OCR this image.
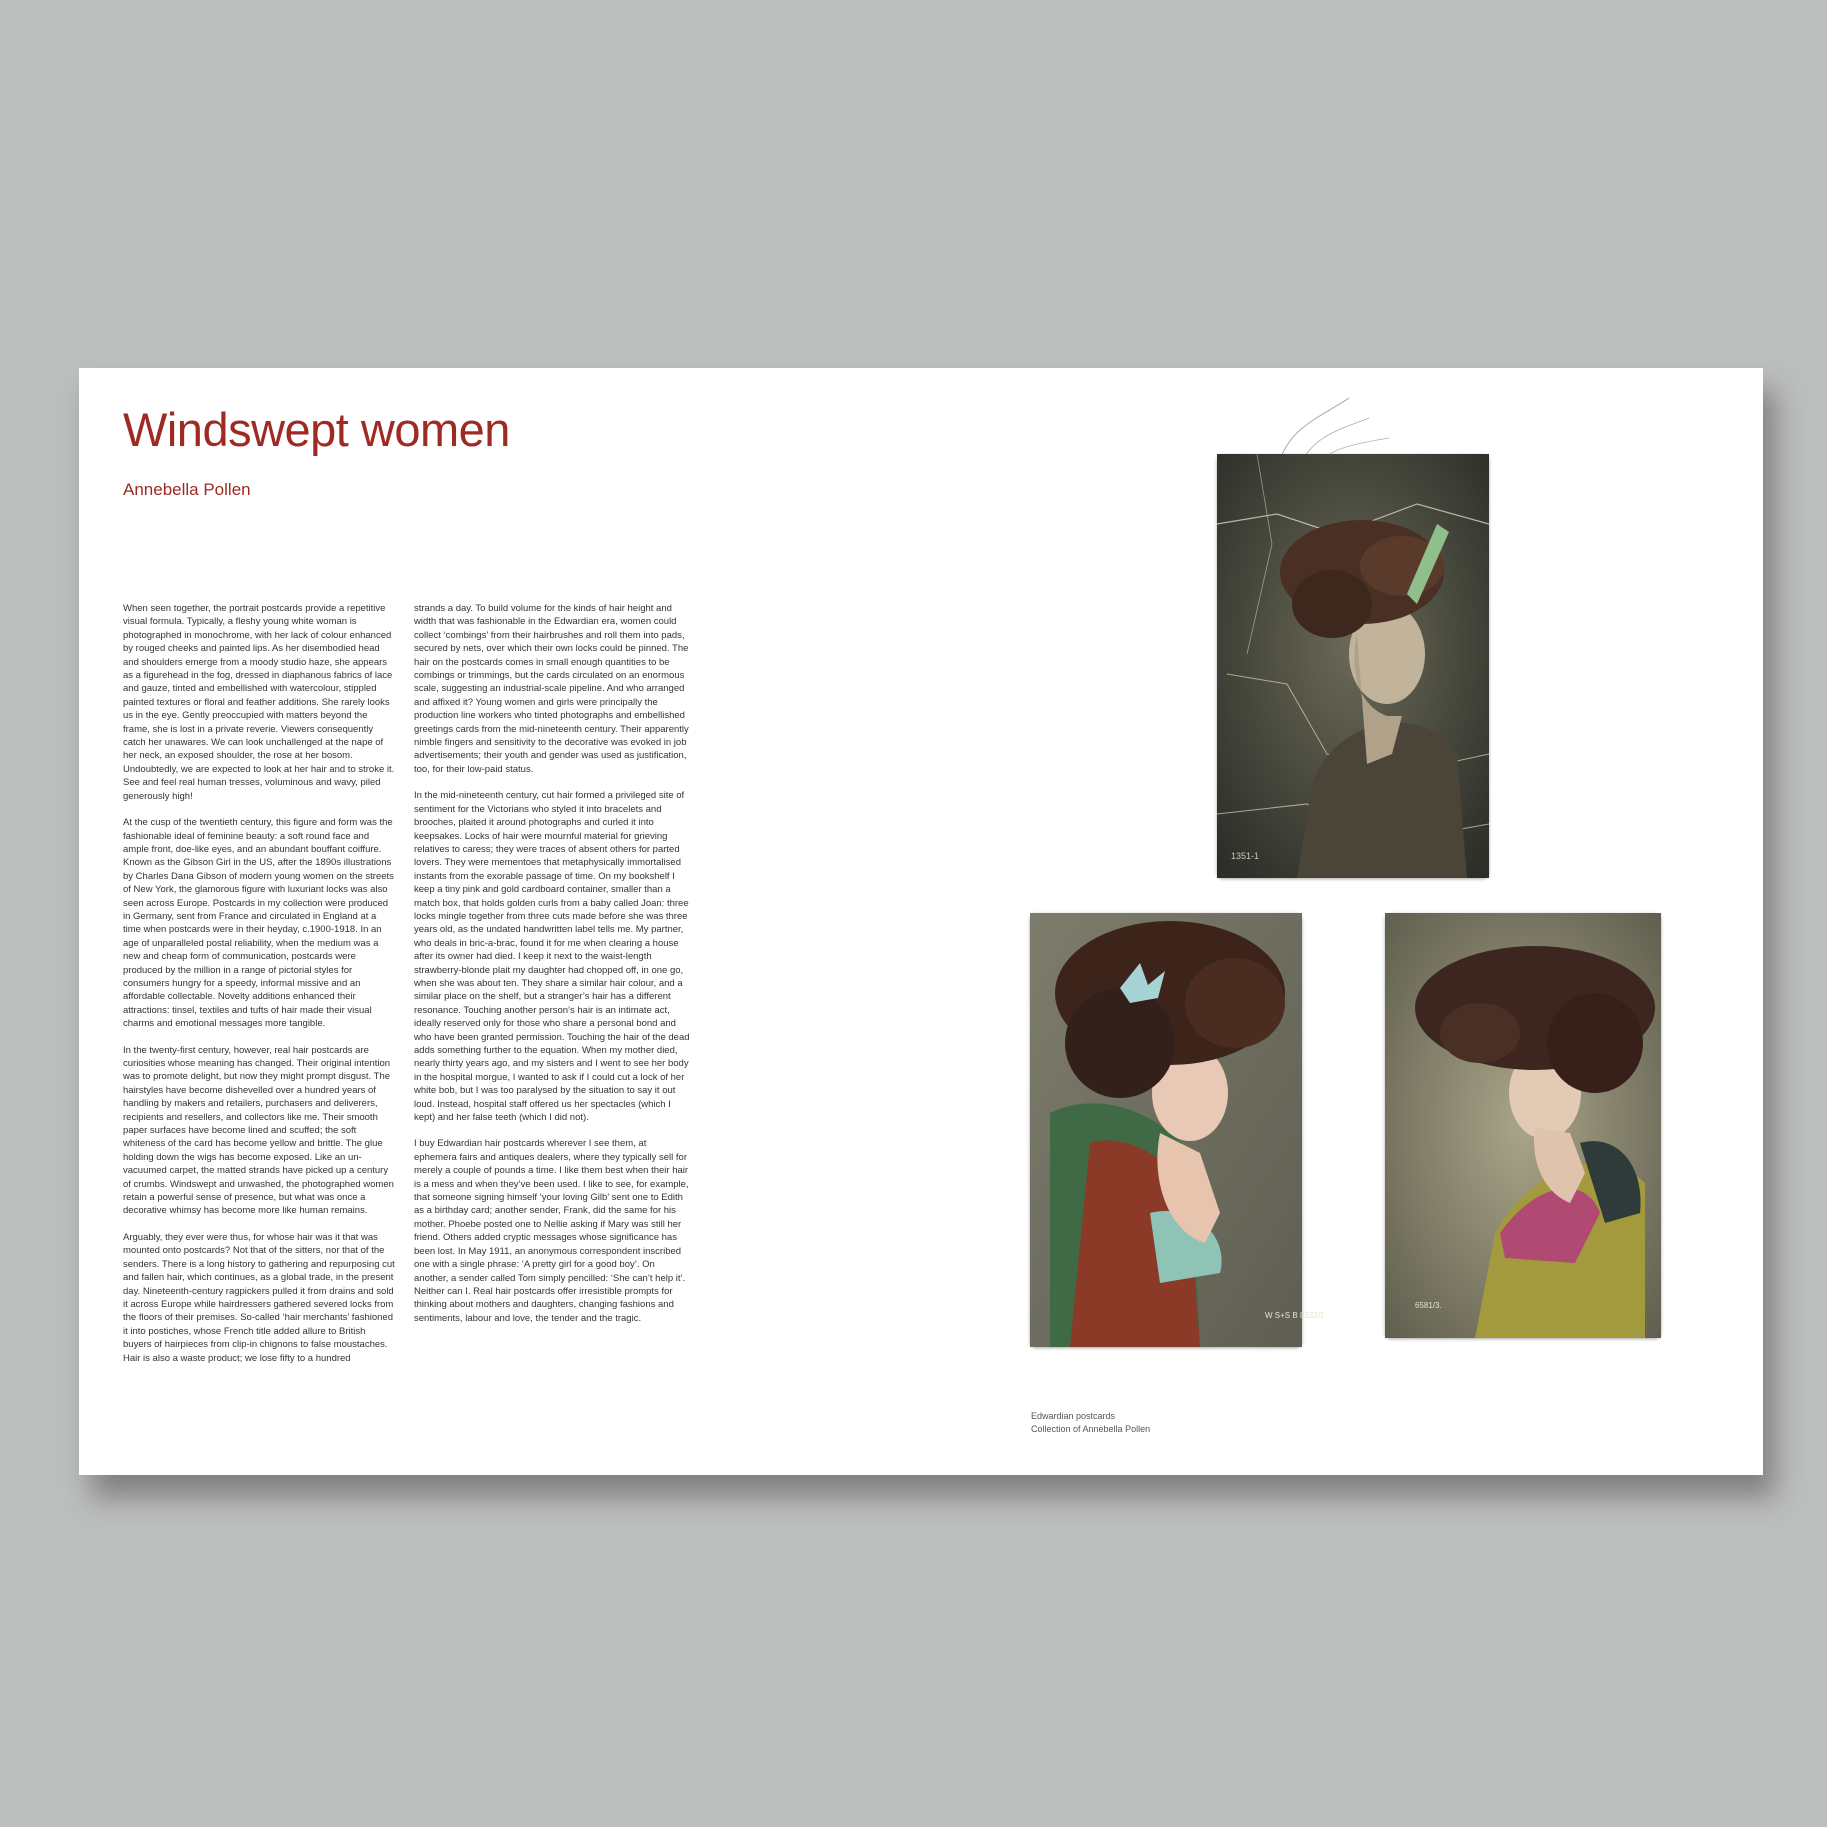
Windswept women
Annebella Pollen

When seen together, the portrait postcards provide a repetitive visual formula. Typically, a fleshy young white woman is photographed in monochrome, with her lack of colour enhanced by rouged cheeks and painted lips. As her disembodied head and shoulders emerge from a moody studio haze, she appears as a figurehead in the fog, dressed in diaphanous fabrics of lace and gauze, tinted and embellished with watercolour, stippled painted textures or floral and feather additions. She rarely looks us in the eye. Gently preoccupied with matters beyond the frame, she is lost in a private reverie. Viewers consequently catch her unawares. We can look unchallenged at the nape of her neck, an exposed shoulder, the rose at her bosom. Undoubtedly, we are expected to look at her hair and to stroke it. See and feel real human tresses, voluminous and wavy, piled generously high!

At the cusp of the twentieth century, this figure and form was the fashionable ideal of feminine beauty: a soft round face and ample front, doe-like eyes, and an abundant bouffant coiffure. Known as the Gibson Girl in the US, after the 1890s illustrations by Charles Dana Gibson of modern young women on the streets of New York, the glamorous figure with luxuriant locks was also seen across Europe. Postcards in my collection were produced in Germany, sent from France and circulated in England at a time when postcards were in their heyday, c.1900-1918. In an age of unparalleled postal reliability, when the medium was a new and cheap form of communication, postcards were produced by the million in a range of pictorial styles for consumers hungry for a speedy, informal missive and an affordable collectable. Novelty additions enhanced their attractions: tinsel, textiles and tufts of hair made their visual charms and emotional messages more tangible.

In the twenty-first century, however, real hair postcards are curiosities whose meaning has changed. Their original intention was to promote delight, but now they might prompt disgust. The hairstyles have become dishevelled over a hundred years of handling by makers and retailers, purchasers and deliverers, recipients and resellers, and collectors like me. Their smooth paper surfaces have become lined and scuffed; the soft whiteness of the card has become yellow and brittle. The glue holding down the wigs has become exposed. Like an un-vacuumed carpet, the matted strands have picked up a century of crumbs. Windswept and unwashed, the photographed women retain a powerful sense of presence, but what was once a decorative whimsy has become more like human remains.

Arguably, they ever were thus, for whose hair was it that was mounted onto postcards? Not that of the sitters, nor that of the senders. There is a long history to gathering and repurposing cut and fallen hair, which continues, as a global trade, in the present day. Nineteenth-century ragpickers pulled it from drains and sold it across Europe while hairdressers gathered severed locks from the floors of their premises. So-called ‘hair merchants’ fashioned it into postiches, whose French title added allure to British buyers of hairpieces from clip-in chignons to false moustaches. Hair is also a waste product; we lose fifty to a hundred

strands a day. To build volume for the kinds of hair height and width that was fashionable in the Edwardian era, women could collect ‘combings’ from their hairbrushes and roll them into pads, secured by nets, over which their own locks could be pinned. The hair on the postcards comes in small enough quantities to be combings or trimmings, but the cards circulated on an enormous scale, suggesting an industrial-scale pipeline. And who arranged and affixed it? Young women and girls were principally the production line workers who tinted photographs and embellished greetings cards from the mid-nineteenth century. Their apparently nimble fingers and sensitivity to the decorative was evoked in job advertisements; their youth and gender was used as justification, too, for their low-paid status.

In the mid-nineteenth century, cut hair formed a privileged site of sentiment for the Victorians who styled it into bracelets and brooches, plaited it around photographs and curled it into keepsakes. Locks of hair were mournful material for grieving relatives to caress; they were traces of absent others for parted lovers. They were mementoes that metaphysically immortalised instants from the exorable passage of time. On my bookshelf I keep a tiny pink and gold cardboard container, smaller than a match box, that holds golden curls from a baby called Joan: three locks mingle together from three cuts made before she was three years old, as the undated handwritten label tells me. My partner, who deals in bric-a-brac, found it for me when clearing a house after its owner had died. I keep it next to the waist-length strawberry-blonde plait my daughter had chopped off, in one go, when she was about ten. They share a similar hair colour, and a similar place on the shelf, but a stranger’s hair has a different resonance. Touching another person’s hair is an intimate act, ideally reserved only for those who share a personal bond and who have been granted permission. Touching the hair of the dead adds something further to the equation. When my mother died, nearly thirty years ago, and my sisters and I went to see her body in the hospital morgue, I wanted to ask if I could cut a lock of her white bob, but I was too paralysed by the situation to say it out loud. Instead, hospital staff offered us her spectacles (which I kept) and her false teeth (which I did not).

I buy Edwardian hair postcards wherever I see them, at ephemera fairs and antiques dealers, where they typically sell for merely a couple of pounds a time. I like them best when their hair is a mess and when they’ve been used. I like to see, for example, that someone signing himself ‘your loving Gilb’ sent one to Edith as a birthday card; another sender, Frank, did the same for his mother. Phoebe posted one to Nellie asking if Mary was still her friend. Others added cryptic messages whose significance has been lost. In May 1911, an anonymous correspondent inscribed one with a single phrase: ‘A pretty girl for a good boy’. On another, a sender called Tom simply pencilled: ‘She can’t help it’. Neither can I. Real hair postcards offer irresistible prompts for thinking about mothers and daughters, changing fashions and sentiments, labour and love, the tender and the tragic.

1351-1
W S+S B 8332/1
6581/3.
Edwardian postcards
Collection of Annebella Pollen
